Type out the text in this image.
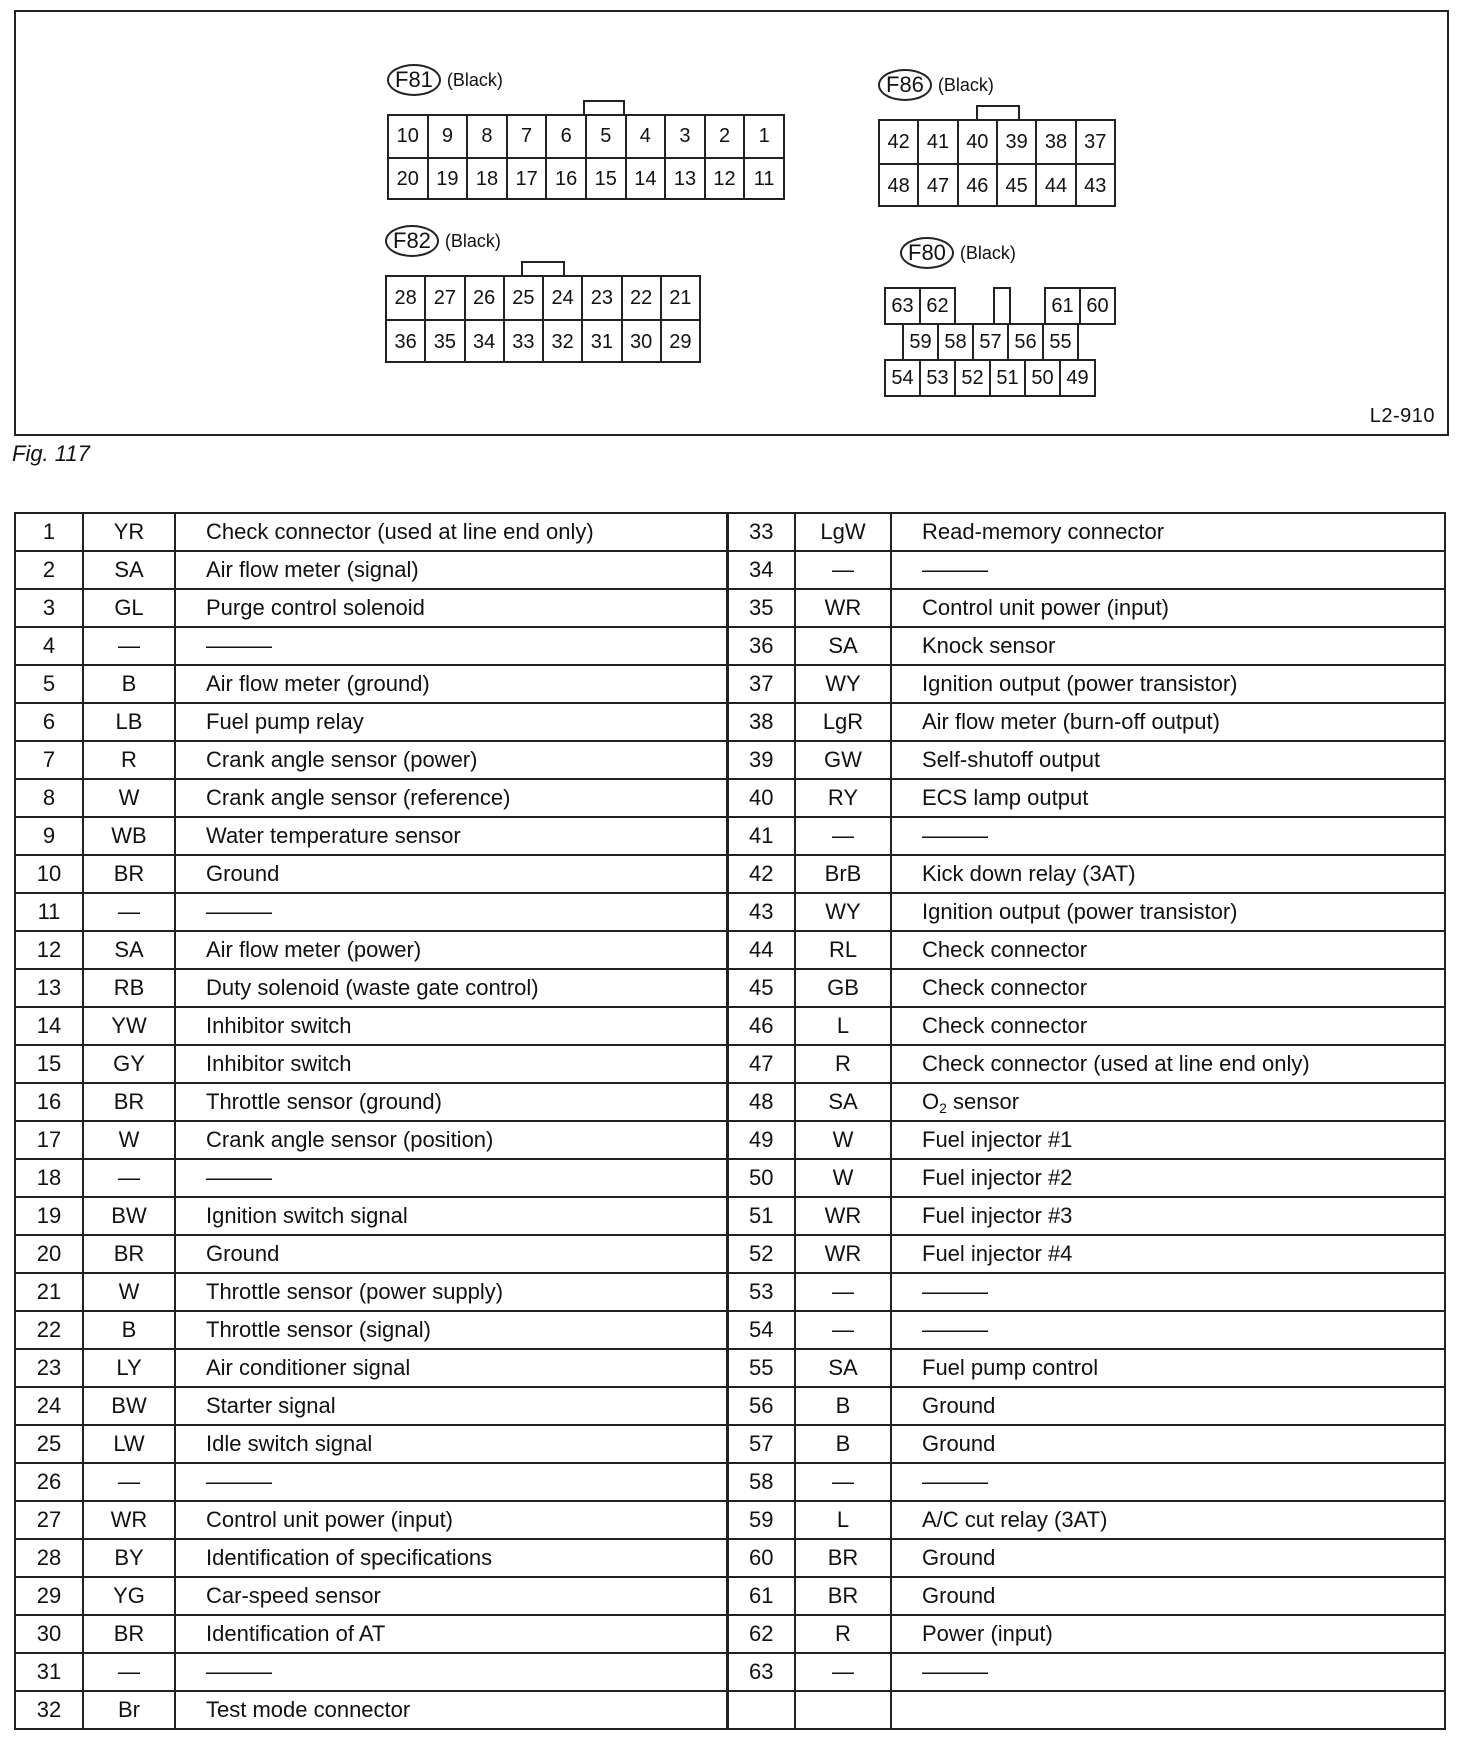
L2-910
F81 (Black)
10	9	8	7	6	5	4	3	2	1
20 19 18 17 16 15 14 13 12 11
F82 (Black)
28 27 26 25 24 23 22 21
36 35 34 33 32 31 30 29
F86 (Black)
42 41 40 39 38 37
48 47 46 45 44 43
F80 (Black)
63 62	61 60
59 58 57 56 55
54 53 52 51 50 49
Fig. 117
1	YR	Check connector (used at line end only)	33	LgW	Read-memory connector
2	SA	Air flow meter (signal)	34	—	———
3	GL	Purge control solenoid	35	WR	Control unit power (input)
4	—	———	36	SA	Knock sensor
5	B	Air flow meter (ground)	37	WY	Ignition output (power transistor)
6	LB	Fuel pump relay	38	LgR	Air flow meter (burn-off output)
7	R	Crank angle sensor (power)	39	GW	Self-shutoff output
8	W	Crank angle sensor (reference)	40	RY	ECS lamp output
9	WB	Water temperature sensor	41	—	———
10	BR	Ground	42	BrB	Kick down relay (3AT)
11	—	———	43	WY	Ignition output (power transistor)
12	SA	Air flow meter (power)	44	RL	Check connector
13	RB	Duty solenoid (waste gate control)	45	GB	Check connector
14	YW	Inhibitor switch	46	L	Check connector
15	GY	Inhibitor switch	47	R	Check connector (used at line end only)
16	BR	Throttle sensor (ground)	48	SA	$O_2$ sensor
17	W	Crank angle sensor (position)	49	W	Fuel injector #1
18	—	———	50	W	Fuel injector #2
19	BW	Ignition switch signal	51	WR	Fuel injector #3
20	BR	Ground	52	WR	Fuel injector #4
21	W	Throttle sensor (power supply)	53	—	———
22	B	Throttle sensor (signal)	54	—	———
23	LY	Air conditioner signal	55	SA	Fuel pump control
24	BW	Starter signal	56	B	Ground
25	LW	Idle switch signal	57	B	Ground
26	—	———	58	—	———
27	WR	Control unit power (input)	59	L	A/C cut relay (3AT)
28	BY	Identification of specifications	60	BR	Ground
29	YG	Car-speed sensor	61	BR	Ground
30	BR	Identification of AT	62	R	Power (input)
31	—	———	63	—	———
32	Br	Test mode connector			
